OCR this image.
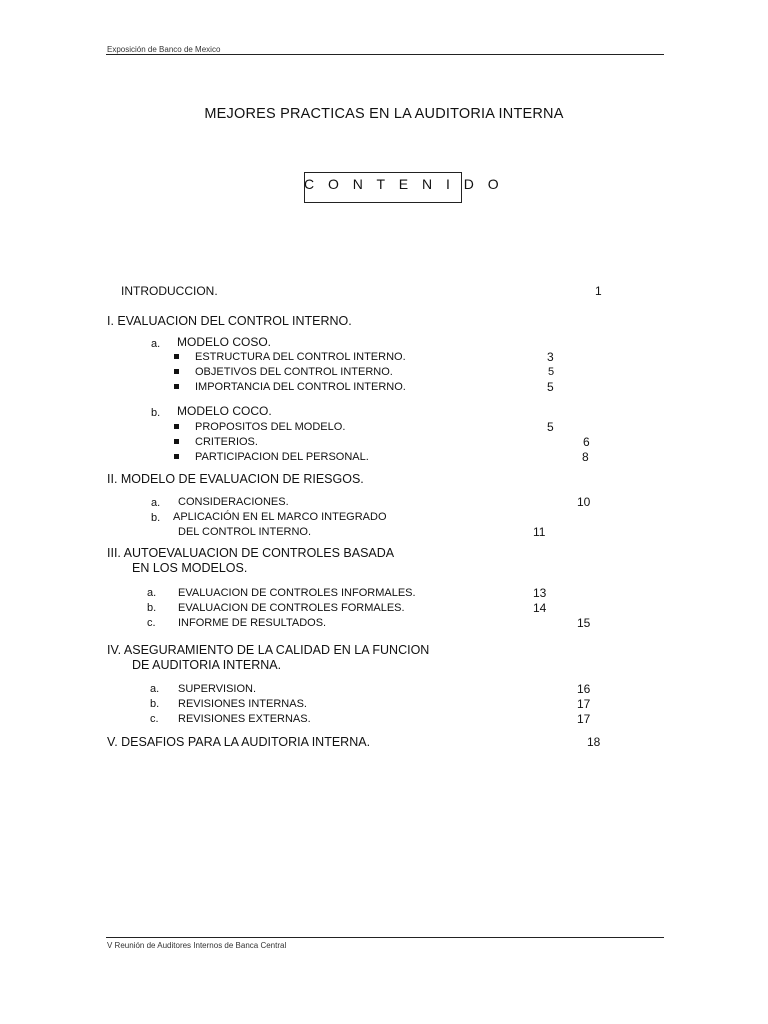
Exposición de Banco de Mexico
MEJORES PRACTICAS EN LA AUDITORIA INTERNA
C O N T E N I D O
INTRODUCCION.	1
I. EVALUACION DEL CONTROL INTERNO.
a. MODELO COSO.
ESTRUCTURA DEL CONTROL INTERNO.	3
OBJETIVOS DEL CONTROL INTERNO.	5
IMPORTANCIA DEL CONTROL INTERNO.	5
b. MODELO COCO.
PROPOSITOS DEL MODELO.	5
CRITERIOS.	6
PARTICIPACION DEL PERSONAL.	8
II. MODELO DE EVALUACION DE RIESGOS.
a. CONSIDERACIONES.	10
b. APLICACIÓN EN EL MARCO INTEGRADO
DEL CONTROL INTERNO.	11
III. AUTOEVALUACION DE CONTROLES BASADA
EN LOS MODELOS.
a. EVALUACION DE CONTROLES INFORMALES.	13
b. EVALUACION DE CONTROLES FORMALES.	14
c. INFORME DE RESULTADOS.	15
IV. ASEGURAMIENTO DE LA CALIDAD EN LA FUNCION
DE AUDITORIA INTERNA.
a. SUPERVISION.	16
b. REVISIONES INTERNAS.	17
c. REVISIONES EXTERNAS.	17
V. DESAFIOS PARA LA AUDITORIA INTERNA.	18
V Reunión de Auditores Internos de Banca Central
